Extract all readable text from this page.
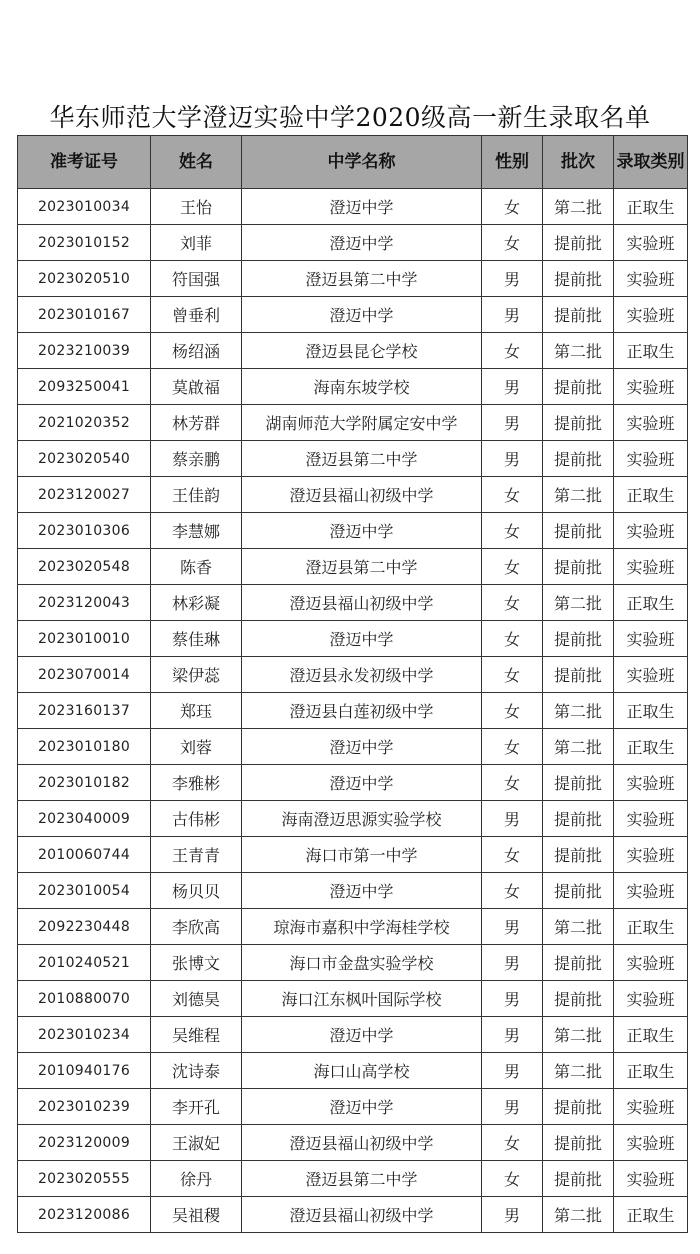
华东师范大学澄迈实验中学2020级高一新生录取名单
准考证号	姓名	中学名称	性别	批次	录取类别
2023010034	王怡	澄迈中学	女	第二批	正取生
2023010152	刘菲	澄迈中学	女	提前批	实验班
2023020510	符国强	澄迈县第二中学	男	提前批	实验班
2023010167	曾垂利	澄迈中学	男	提前批	实验班
2023210039	杨绍涵	澄迈县昆仑学校	女	第二批	正取生
2093250041	莫啟福	海南东坡学校	男	提前批	实验班
2021020352	林芳群	湖南师范大学附属定安中学	男	提前批	实验班
2023020540	蔡亲鹏	澄迈县第二中学	男	提前批	实验班
2023120027	王佳韵	澄迈县福山初级中学	女	第二批	正取生
2023010306	李慧娜	澄迈中学	女	提前批	实验班
2023020548	陈香	澄迈县第二中学	女	提前批	实验班
2023120043	林彩凝	澄迈县福山初级中学	女	第二批	正取生
2023010010	蔡佳琳	澄迈中学	女	提前批	实验班
2023070014	梁伊蕊	澄迈县永发初级中学	女	提前批	实验班
2023160137	郑珏	澄迈县白莲初级中学	女	第二批	正取生
2023010180	刘蓉	澄迈中学	女	第二批	正取生
2023010182	李雅彬	澄迈中学	女	提前批	实验班
2023040009	古伟彬	海南澄迈思源实验学校	男	提前批	实验班
2010060744	王青青	海口市第一中学	女	提前批	实验班
2023010054	杨贝贝	澄迈中学	女	提前批	实验班
2092230448	李欣高	琼海市嘉积中学海桂学校	男	第二批	正取生
2010240521	张博文	海口市金盘实验学校	男	提前批	实验班
2010880070	刘德昊	海口江东枫叶国际学校	男	提前批	实验班
2023010234	吴维程	澄迈中学	男	第二批	正取生
2010940176	沈诗泰	海口山高学校	男	第二批	正取生
2023010239	李开孔	澄迈中学	男	提前批	实验班
2023120009	王淑妃	澄迈县福山初级中学	女	提前批	实验班
2023020555	徐丹	澄迈县第二中学	女	提前批	实验班
2023120086	吴祖稷	澄迈县福山初级中学	男	第二批	正取生
